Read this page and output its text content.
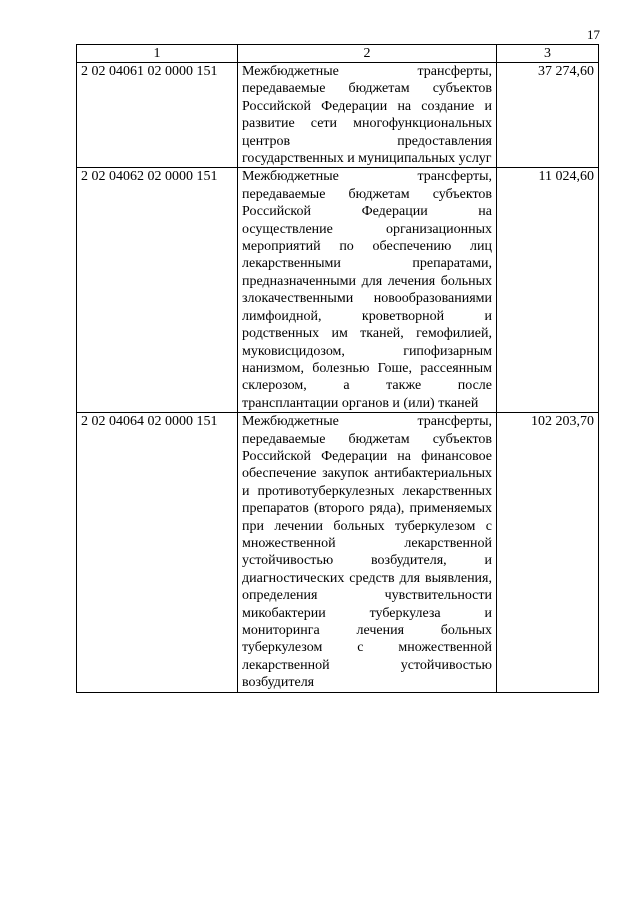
17
1	2	3
2 02 04061 02 0000 151	Межбюджетные трансферты, передаваемые бюджетам субъектов Российской Федерации на создание и развитие сети многофункциональных центров предоставления государственных и муниципальных услуг	37 274,60
2 02 04062 02 0000 151	Межбюджетные трансферты, передаваемые бюджетам субъектов Российской Федерации на осуществление организационных мероприятий по обеспечению лиц лекарственными препаратами, предназначенными для лечения больных злокачественными новообразованиями лимфоидной, кроветворной и родственных им тканей, гемофилией, муковисцидозом, гипофизарным нанизмом, болезнью Гоше, рассеянным склерозом, а также после трансплантации органов и (или) тканей	11 024,60
2 02 04064 02 0000 151	Межбюджетные трансферты, передаваемые бюджетам субъектов Российской Федерации на финансовое обеспечение закупок антибактериальных и противотуберкулезных лекарственных препаратов (второго ряда), применяемых при лечении больных туберкулезом с множественной лекарственной устойчивостью возбудителя, и диагностических средств для выявления, определения чувствительности микобактерии туберкулеза и мониторинга лечения больных туберкулезом с множественной лекарственной устойчивостью возбудителя	102 203,70
